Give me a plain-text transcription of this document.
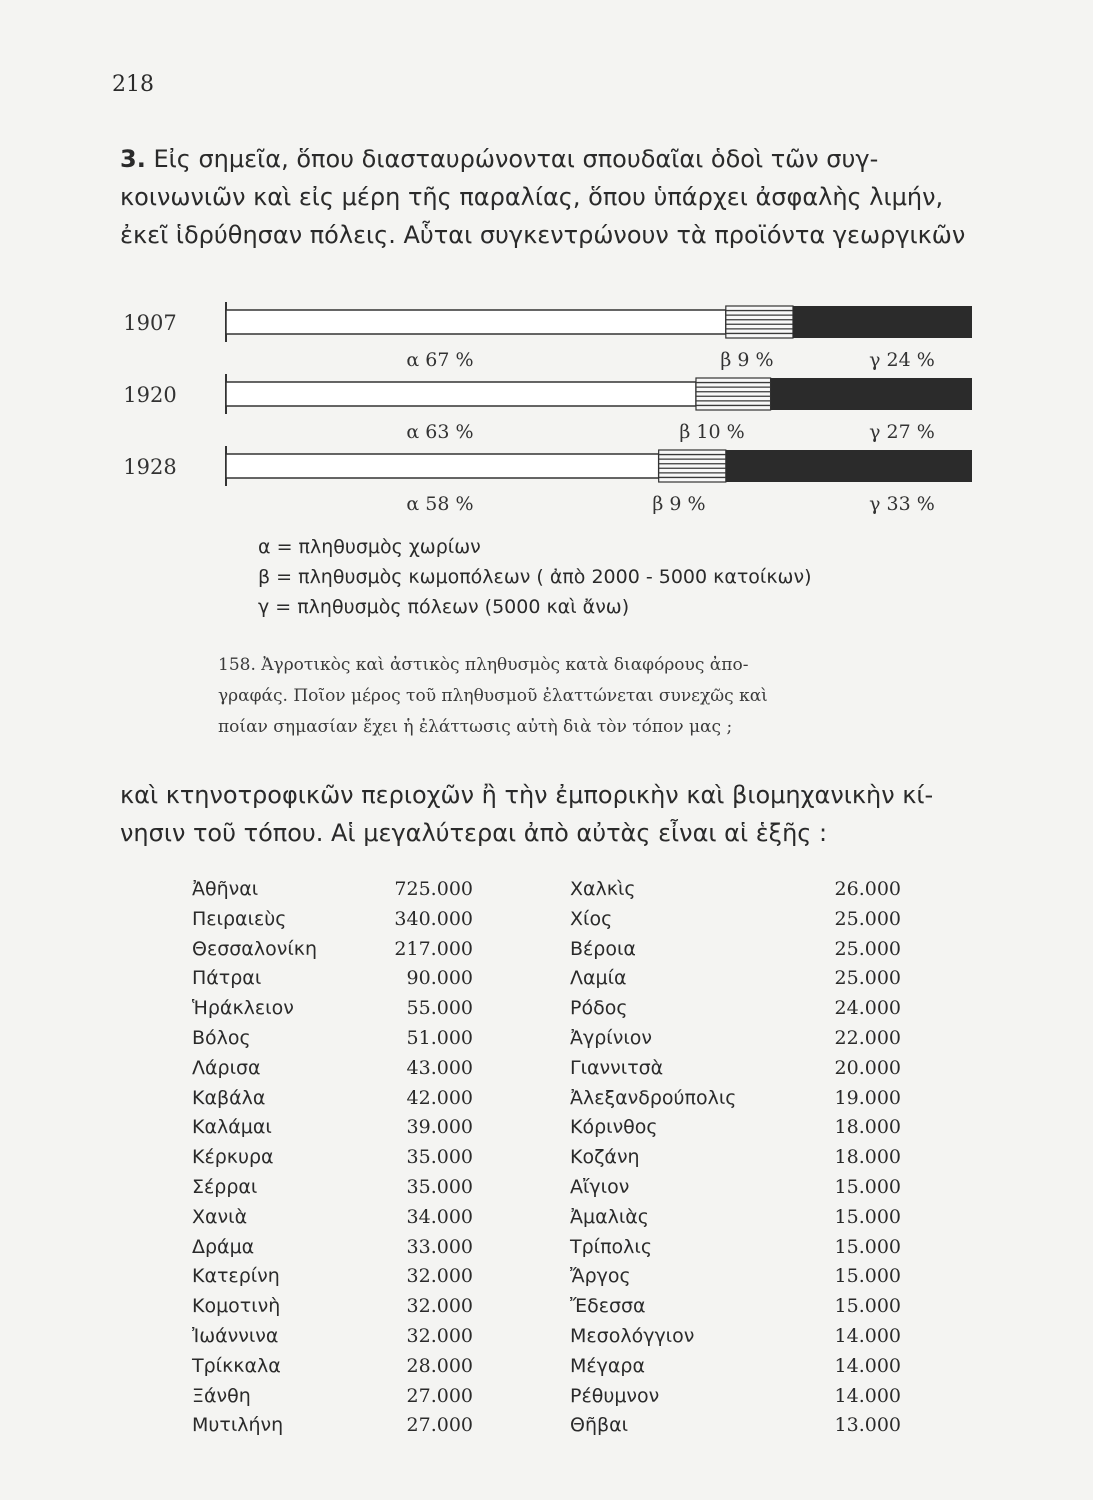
218

3. Εἰς σημεῖα, ὅπου διασταυρώνονται σπουδαῖαι ὁδοὶ τῶν συγ-

κοινωνιῶν καὶ εἰς μέρη τῆς παραλίας, ὅπου ὑπάρχει ἀσφαλὴς λιμήν,

ἐκεῖ ἱδρύθησαν πόλεις. Αὗται συγκεντρώνουν τὰ προϊόντα γεωργικῶν

1907
α 67 %	β 9 %	γ 24 %
1920
α 63 %	β 10 %	γ 27 %
1928
α 58 %	β 9 %	γ 33 %
α = πληθυσμὸς χωρίων
β = πληθυσμὸς κωμοπόλεων ( ἀπὸ 2000 - 5000 κατοίκων)
γ = πληθυσμὸς πόλεων (5000 καὶ ἄνω)
158. Ἀγροτικὸς καὶ ἀστικὸς πληθυσμὸς κατὰ διαφόρους ἀπο-
γραφάς. Ποῖον μέρος τοῦ πληθυσμοῦ ἐλαττώνεται συνεχῶς καὶ
ποίαν σημασίαν ἔχει ἡ ἐλάττωσις αὐτὴ διὰ τὸν τόπον μας ;

καὶ κτηνοτροφικῶν περιοχῶν ἢ τὴν ἐμπορικὴν καὶ βιομηχανικὴν κί-

νησιν τοῦ τόπου. Αἱ μεγαλύτεραι ἀπὸ αὐτὰς εἶναι αἱ ἑξῆς :

Ἀθῆναι	725.000	Χαλκὶς	26.000
Πειραιεὺς	340.000	Χίος	25.000
Θεσσαλονίκη	217.000	Βέροια	25.000
Πάτραι	90.000	Λαμία	25.000
Ἡράκλειον	55.000	Ρόδος	24.000
Βόλος	51.000	Ἀγρίνιον	22.000
Λάρισα	43.000	Γιαννιτσὰ	20.000
Καβάλα	42.000	Ἀλεξανδρούπολις	19.000
Καλάμαι	39.000	Κόρινθος	18.000
Κέρκυρα	35.000	Κοζάνη	18.000
Σέρραι	35.000	Αἴγιον	15.000
Χανιὰ	34.000	Ἀμαλιὰς	15.000
Δράμα	33.000	Τρίπολις	15.000
Κατερίνη	32.000	Ἄργος	15.000
Κομοτινὴ	32.000	Ἔδεσσα	15.000
Ἰωάννινα	32.000	Μεσολόγγιον	14.000
Τρίκκαλα	28.000	Μέγαρα	14.000
Ξάνθη	27.000	Ρέθυμνον	14.000
Μυτιλήνη	27.000	Θῆβαι	13.000
